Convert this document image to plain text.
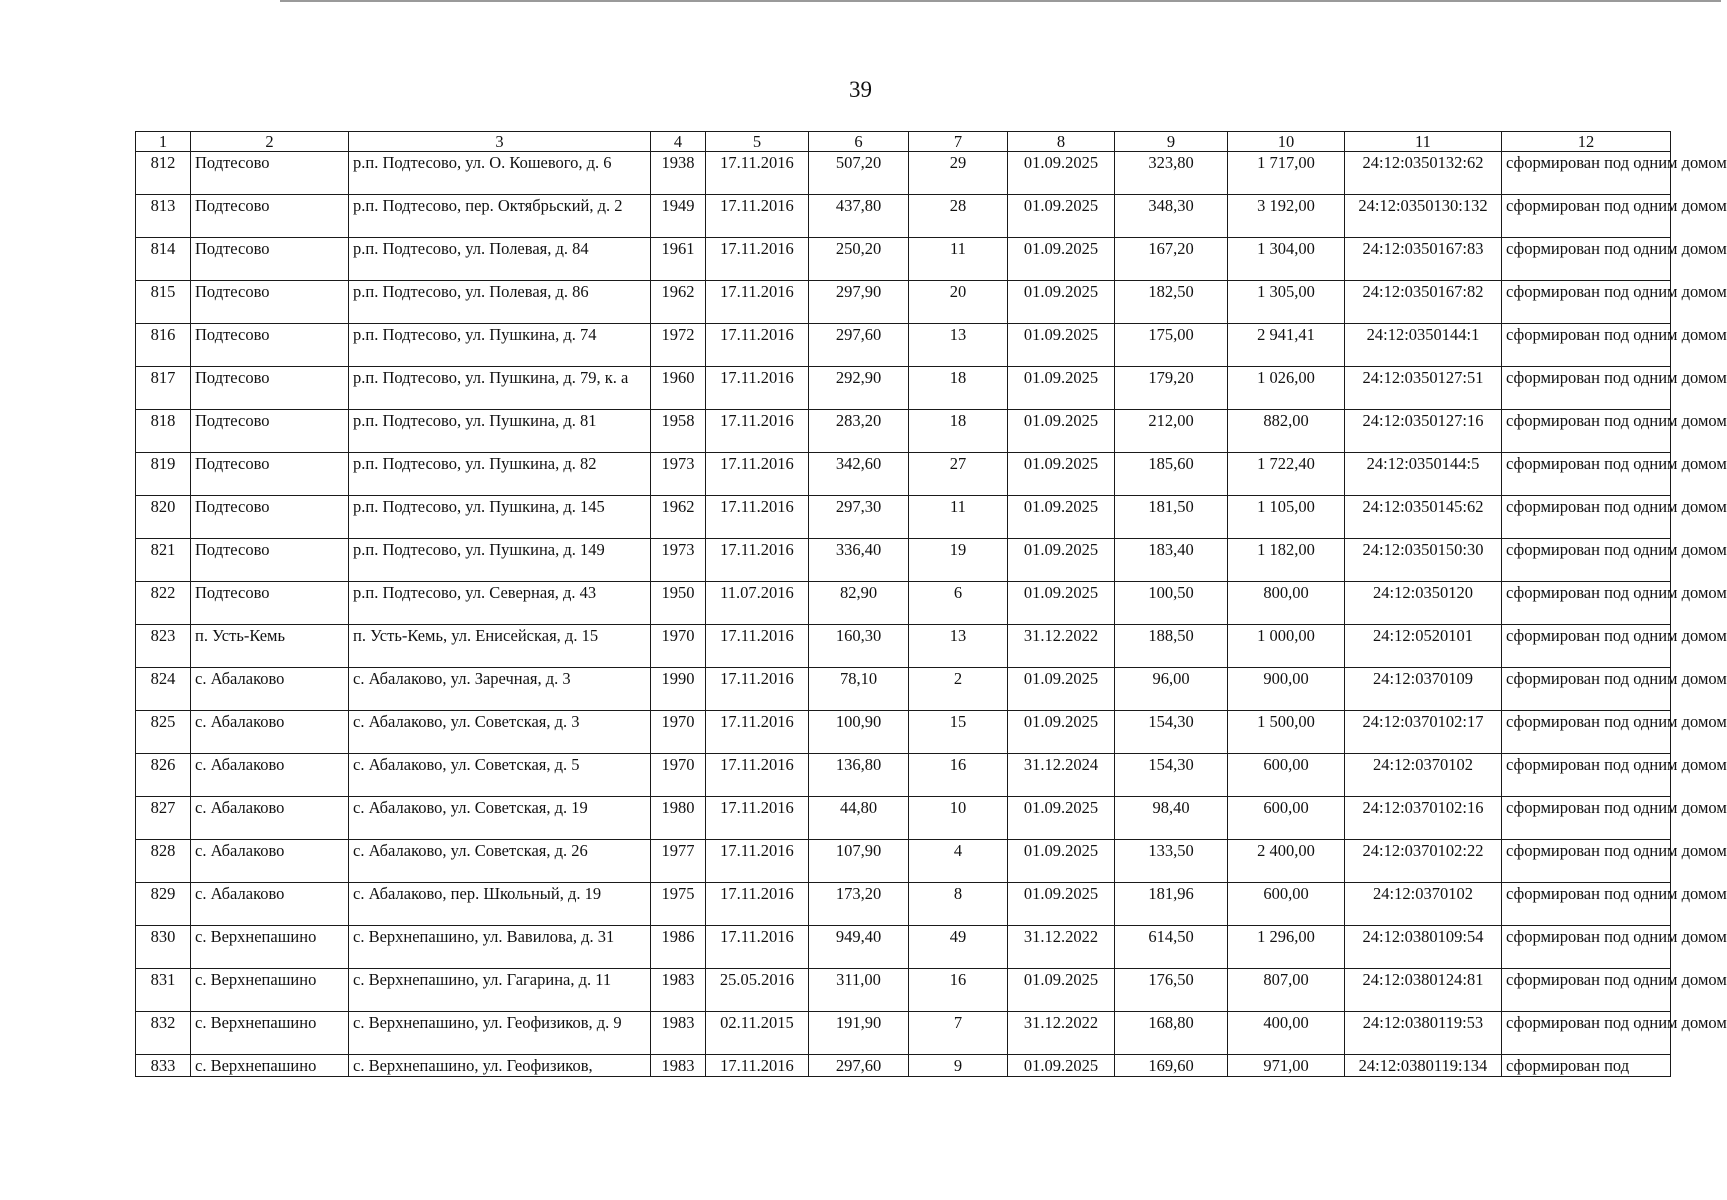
39
1	2	3	4	5	6	7	8	9	10	11	12
812	Подтесово	р.п. Подтесово, ул. О. Кошевого, д. 6	1938	17.11.2016	507,20	29	01.09.2025	323,80	1 717,00	24:12:0350132:62	сформирован под одним домом
813	Подтесово	р.п. Подтесово, пер. Октябрьский, д. 2	1949	17.11.2016	437,80	28	01.09.2025	348,30	3 192,00	24:12:0350130:132	сформирован под одним домом
814	Подтесово	р.п. Подтесово, ул. Полевая, д. 84	1961	17.11.2016	250,20	11	01.09.2025	167,20	1 304,00	24:12:0350167:83	сформирован под одним домом
815	Подтесово	р.п. Подтесово, ул. Полевая, д. 86	1962	17.11.2016	297,90	20	01.09.2025	182,50	1 305,00	24:12:0350167:82	сформирован под одним домом
816	Подтесово	р.п. Подтесово, ул. Пушкина, д. 74	1972	17.11.2016	297,60	13	01.09.2025	175,00	2 941,41	24:12:0350144:1	сформирован под одним домом
817	Подтесово	р.п. Подтесово, ул. Пушкина, д. 79, к. а	1960	17.11.2016	292,90	18	01.09.2025	179,20	1 026,00	24:12:0350127:51	сформирован под одним домом
818	Подтесово	р.п. Подтесово, ул. Пушкина, д. 81	1958	17.11.2016	283,20	18	01.09.2025	212,00	882,00	24:12:0350127:16	сформирован под одним домом
819	Подтесово	р.п. Подтесово, ул. Пушкина, д. 82	1973	17.11.2016	342,60	27	01.09.2025	185,60	1 722,40	24:12:0350144:5	сформирован под одним домом
820	Подтесово	р.п. Подтесово, ул. Пушкина, д. 145	1962	17.11.2016	297,30	11	01.09.2025	181,50	1 105,00	24:12:0350145:62	сформирован под одним домом
821	Подтесово	р.п. Подтесово, ул. Пушкина, д. 149	1973	17.11.2016	336,40	19	01.09.2025	183,40	1 182,00	24:12:0350150:30	сформирован под одним домом
822	Подтесово	р.п. Подтесово, ул. Северная, д. 43	1950	11.07.2016	82,90	6	01.09.2025	100,50	800,00	24:12:0350120	сформирован под одним домом
823	п. Усть-Кемь	п. Усть-Кемь, ул. Енисейская, д. 15	1970	17.11.2016	160,30	13	31.12.2022	188,50	1 000,00	24:12:0520101	сформирован под одним домом
824	с. Абалаково	с. Абалаково, ул. Заречная, д. 3	1990	17.11.2016	78,10	2	01.09.2025	96,00	900,00	24:12:0370109	сформирован под одним домом
825	с. Абалаково	с. Абалаково, ул. Советская, д. 3	1970	17.11.2016	100,90	15	01.09.2025	154,30	1 500,00	24:12:0370102:17	сформирован под одним домом
826	с. Абалаково	с. Абалаково, ул. Советская, д. 5	1970	17.11.2016	136,80	16	31.12.2024	154,30	600,00	24:12:0370102	сформирован под одним домом
827	с. Абалаково	с. Абалаково, ул. Советская, д. 19	1980	17.11.2016	44,80	10	01.09.2025	98,40	600,00	24:12:0370102:16	сформирован под одним домом
828	с. Абалаково	с. Абалаково, ул. Советская, д. 26	1977	17.11.2016	107,90	4	01.09.2025	133,50	2 400,00	24:12:0370102:22	сформирован под одним домом
829	с. Абалаково	с. Абалаково, пер. Школьный, д. 19	1975	17.11.2016	173,20	8	01.09.2025	181,96	600,00	24:12:0370102	сформирован под одним домом
830	с. Верхнепашино	с. Верхнепашино, ул. Вавилова, д. 31	1986	17.11.2016	949,40	49	31.12.2022	614,50	1 296,00	24:12:0380109:54	сформирован под одним домом
831	с. Верхнепашино	с. Верхнепашино, ул. Гагарина, д. 11	1983	25.05.2016	311,00	16	01.09.2025	176,50	807,00	24:12:0380124:81	сформирован под одним домом
832	с. Верхнепашино	с. Верхнепашино, ул. Геофизиков, д. 9	1983	02.11.2015	191,90	7	31.12.2022	168,80	400,00	24:12:0380119:53	сформирован под одним домом
833	с. Верхнепашино	с. Верхнепашино, ул. Геофизиков,	1983	17.11.2016	297,60	9	01.09.2025	169,60	971,00	24:12:0380119:134	сформирован под
